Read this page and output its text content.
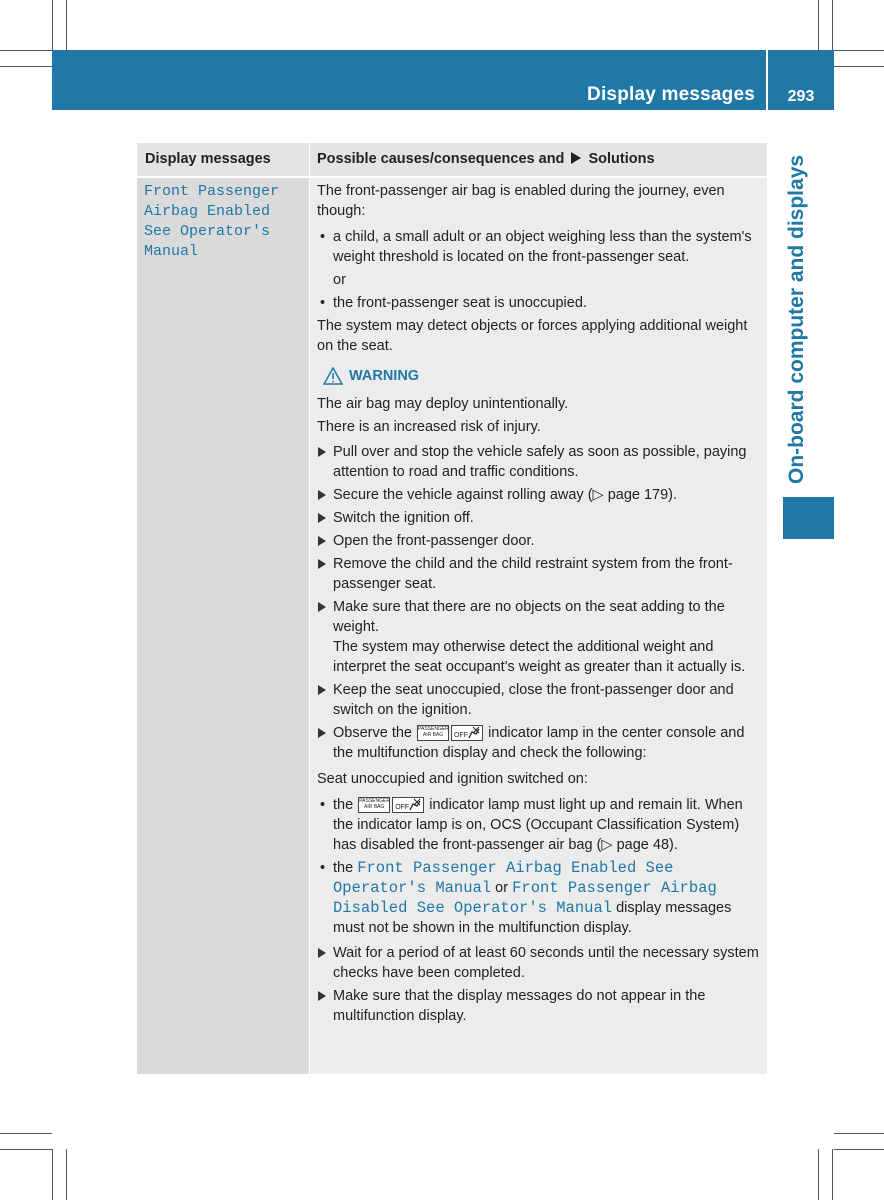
Display messages	293
On-board computer and displays
Display messages	Possible causes/consequences and Solutions
Front Passenger Airbag Enabled See Operator's Manual

The front-passenger air bag is enabled during the journey, even though:

• a child, a small adult or an object weighing less than the system's weight threshold is located on the front-passenger seat.
or
• the front-passenger seat is unoccupied.

The system may detect objects or forces applying additional weight on the seat.

WARNING

The air bag may deploy unintentionally.

There is an increased risk of injury.

Pull over and stop the vehicle safely as soon as possible, paying attention to road and traffic conditions.
Secure the vehicle against rolling away (▷ page 179).
Switch the ignition off.
Open the front-passenger door.
Remove the child and the child restraint system from the front-passenger seat.
Make sure that there are no objects on the seat adding to the weight.
The system may otherwise detect the additional weight and interpret the seat occupant's weight as greater than it actually is.
Keep the seat unoccupied, close the front-passenger door and switch on the ignition.
Observe the PASSENGER
AIR BAG OFF indicator lamp in the center console and the multifunction display and check the following:

Seat unoccupied and ignition switched on:

• the PASSENGER
AIR BAG OFF indicator lamp must light up and remain lit. When the indicator lamp is on, OCS (Occupant Classification System) has disabled the front-passenger air bag (▷ page 48).
• the Front Passenger Airbag Enabled See Operator's Manual or Front Passenger Airbag Disabled See Operator's Manual display messages must not be shown in the multifunction display.
Wait for a period of at least 60 seconds until the necessary system checks have been completed.
Make sure that the display messages do not appear in the multifunction display.
